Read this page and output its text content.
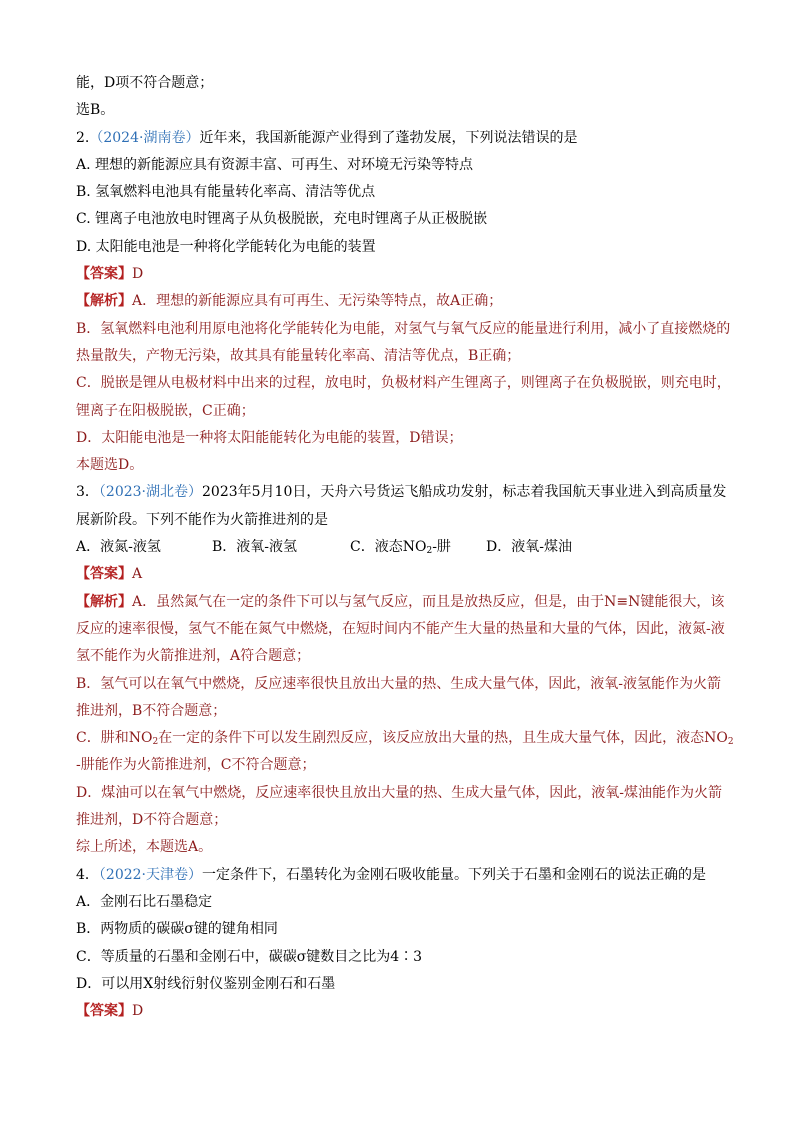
能，D项不符合题意；
选B。
2.（2024·湖南卷）近年来，我国新能源产业得到了蓬勃发展，下列说法错误的是
A. 理想的新能源应具有资源丰富、可再生、对环境无污染等特点
B. 氢氧燃料电池具有能量转化率高、清洁等优点
C. 锂离子电池放电时锂离子从负极脱嵌，充电时锂离子从正极脱嵌
D. 太阳能电池是一种将化学能转化为电能的装置
【答案】D
【解析】A．理想的新能源应具有可再生、无污染等特点，故A正确；
B．氢氧燃料电池利用原电池将化学能转化为电能，对氢气与氧气反应的能量进行利用，减小了直接燃烧的
热量散失，产物无污染，故其具有能量转化率高、清洁等优点，B正确；
C．脱嵌是锂从电极材料中出来的过程，放电时，负极材料产生锂离子，则锂离子在负极脱嵌，则充电时，
锂离子在阳极脱嵌，C正确；
D．太阳能电池是一种将太阳能能转化为电能的装置，D错误；
本题选D。
3．（2023·湖北卷）2023年5月10日，天舟六号货运飞船成功发射，标志着我国航天事业进入到高质量发
展新阶段。下列不能作为火箭推进剂的是
A．液氮-液氢	B．液氧-液氢	C．液态$NO_2-$肼	D．液氧-煤油
【答案】A
【解析】A．虽然氮气在一定的条件下可以与氢气反应，而且是放热反应，但是，由于N≡N键能很大，该
反应的速率很慢，氢气不能在氮气中燃烧，在短时间内不能产生大量的热量和大量的气体，因此，液氮-液
氢不能作为火箭推进剂，A符合题意；
B．氢气可以在氧气中燃烧，反应速率很快且放出大量的热、生成大量气体，因此，液氧-液氢能作为火箭
推进剂，B不符合题意；
C．肼和$NO_2$在一定的条件下可以发生剧烈反应，该反应放出大量的热，且生成大量气体，因此，液态$NO_2$
-肼能作为火箭推进剂，C不符合题意；
D．煤油可以在氧气中燃烧，反应速率很快且放出大量的热、生成大量气体，因此，液氧-煤油能作为火箭
推进剂，D不符合题意；
综上所述，本题选A。
4．（2022·天津卷）一定条件下，石墨转化为金刚石吸收能量。下列关于石墨和金刚石的说法正确的是
A．金刚石比石墨稳定
B．两物质的碳碳σ键的键角相同
C．等质量的石墨和金刚石中，碳碳σ键数目之比为4∶3
D．可以用X射线衍射仪鉴别金刚石和石墨
【答案】D
